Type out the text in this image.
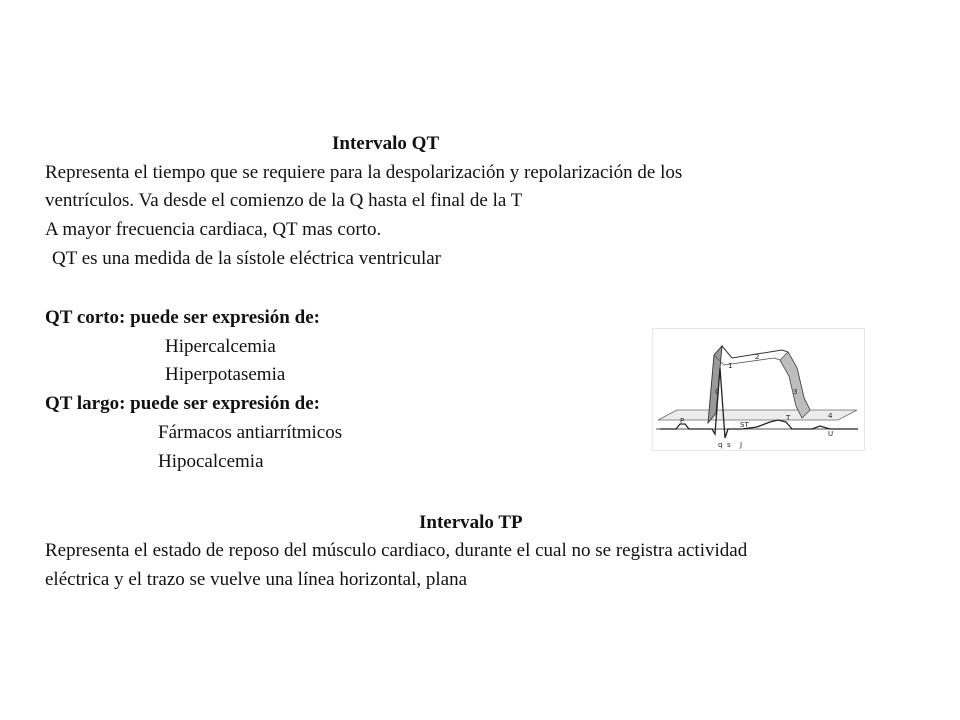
Intervalo QT
Representa el tiempo que se requiere para la despolarización y repolarización de los
ventrículos. Va desde el comienzo de la Q hasta el final de la T
A mayor frecuencia cardiaca, QT mas corto.
QT es una medida de la sístole eléctrica ventricular
QT corto: puede ser expresión de:
Hipercalcemia
Hiperpotasemia
QT largo: puede ser expresión de:
Fármacos antiarrítmicos
Hipocalcemia
Intervalo TP
Representa el estado de reposo del músculo cardiaco, durante el cual no se registra actividad
eléctrica y el trazo se vuelve una línea horizontal, plana
0
1
2
3
4
P
q s J
ST
T
U
